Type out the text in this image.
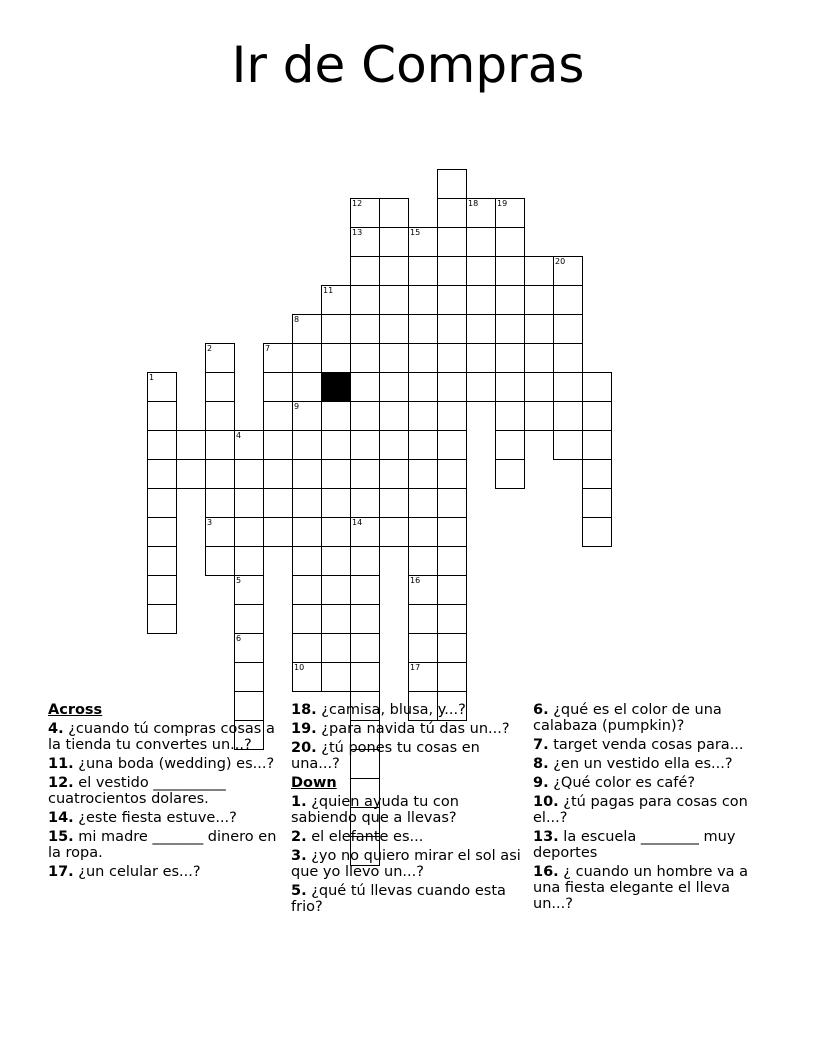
Ir de Compras
1
2
3
4
5
6
7
8
9
10
11
12
13
14
15
16
17
18 19
20
Across
4. ¿cuando tú compras cosas a la tienda tu convertes un...?
11. ¿una boda (wedding) es...?
12. el vestido __________ cuatrocientos dolares.
14. ¿este fiesta estuve...?
15. mi madre _______ dinero en la ropa.
17. ¿un celular es...?
18. ¿camisa, blusa, y...?
19. ¿para navida tú das un...?
20. ¿tú pones tu cosas en una...?
Down
1. ¿quien ayuda tu con sabiendo que a llevas?
2. el elefante es...
3. ¿yo no quiero mirar el sol asi que yo llevo un...?
5. ¿qué tú llevas cuando esta frio?
6. ¿qué es el color de una calabaza (pumpkin)?
7. target venda cosas para...
8. ¿en un vestido ella es...?
9. ¿Qué color es café?
10. ¿tú pagas para cosas con el...?
13. la escuela ________ muy deportes
16. ¿ cuando un hombre va a una fiesta elegante el lleva un...?
